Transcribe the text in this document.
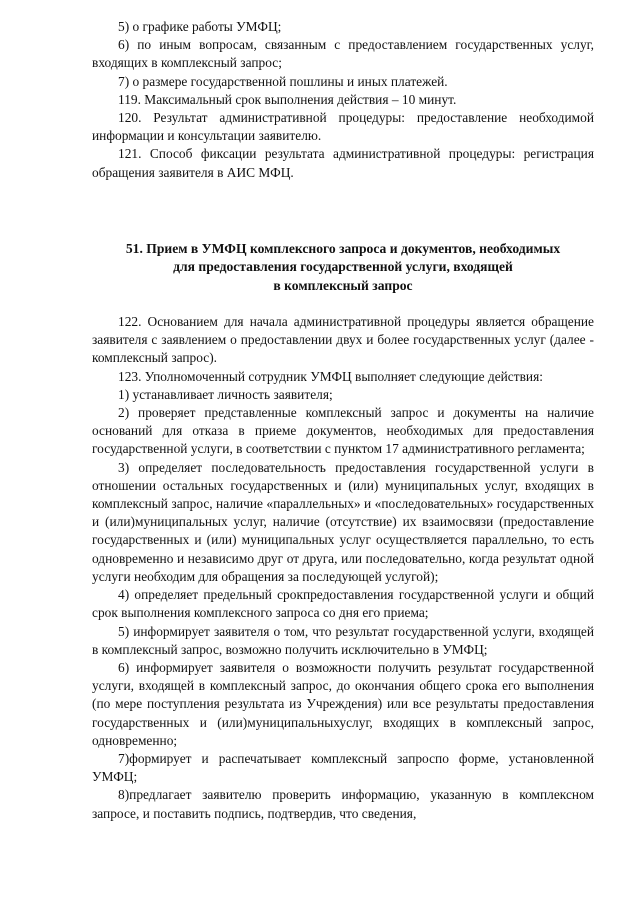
5) о графике работы УМФЦ;

6) по иным вопросам, связанным с предоставлением государственных услуг, входящих в комплексный запрос;

7) о размере государственной пошлины и иных платежей.

119. Максимальный срок выполнения действия – 10 минут.

120. Результат административной процедуры: предоставление необходимой информации и консультации заявителю.

121. Способ фиксации результата административной процедуры: регистрация обращения заявителя в АИС МФЦ.

51. Прием в УМФЦ комплексного запроса и документов, необходимых
для предоставления государственной услуги, входящей
в комплексный запрос

122. Основанием для начала административной процедуры является обращение заявителя с заявлением о предоставлении двух и более государственных услуг (далее - комплексный запрос).

123. Уполномоченный сотрудник УМФЦ выполняет следующие действия:

1) устанавливает личность заявителя;

2) проверяет представленные комплексный запрос и документы на наличие оснований для отказа в приеме документов, необходимых для предоставления государственной услуги, в соответствии с пунктом 17 административного регламента;

3) определяет последовательность предоставления государственной услуги в отношении остальных государственных и (или) муниципальных услуг, входящих в комплексный запрос, наличие «параллельных» и «последовательных» государственных и (или)муниципальных услуг, наличие (отсутствие) их взаимосвязи (предоставление государственных и (или) муниципальных услуг осуществляется параллельно, то есть одновременно и независимо друг от друга, или последовательно, когда результат одной услуги необходим для обращения за последующей услугой);

4) определяет предельный срокпредоставления государственной услуги и общий срок выполнения комплексного запроса со дня его приема;

5) информирует заявителя о том, что результат государственной услуги, входящей в комплексный запрос, возможно получить исключительно в УМФЦ;

6) информирует заявителя о возможности получить результат государственной услуги, входящей в комплексный запрос, до окончания общего срока его выполнения (по мере поступления результата из Учреждения) или все результаты предоставления государственных и (или)муниципальныхуслуг, входящих в комплексный запрос, одновременно;

7)формирует и распечатывает комплексный запроспо форме, установленной УМФЦ;

8)предлагает заявителю проверить информацию, указанную в комплексном запросе, и поставить подпись, подтвердив, что сведения,
